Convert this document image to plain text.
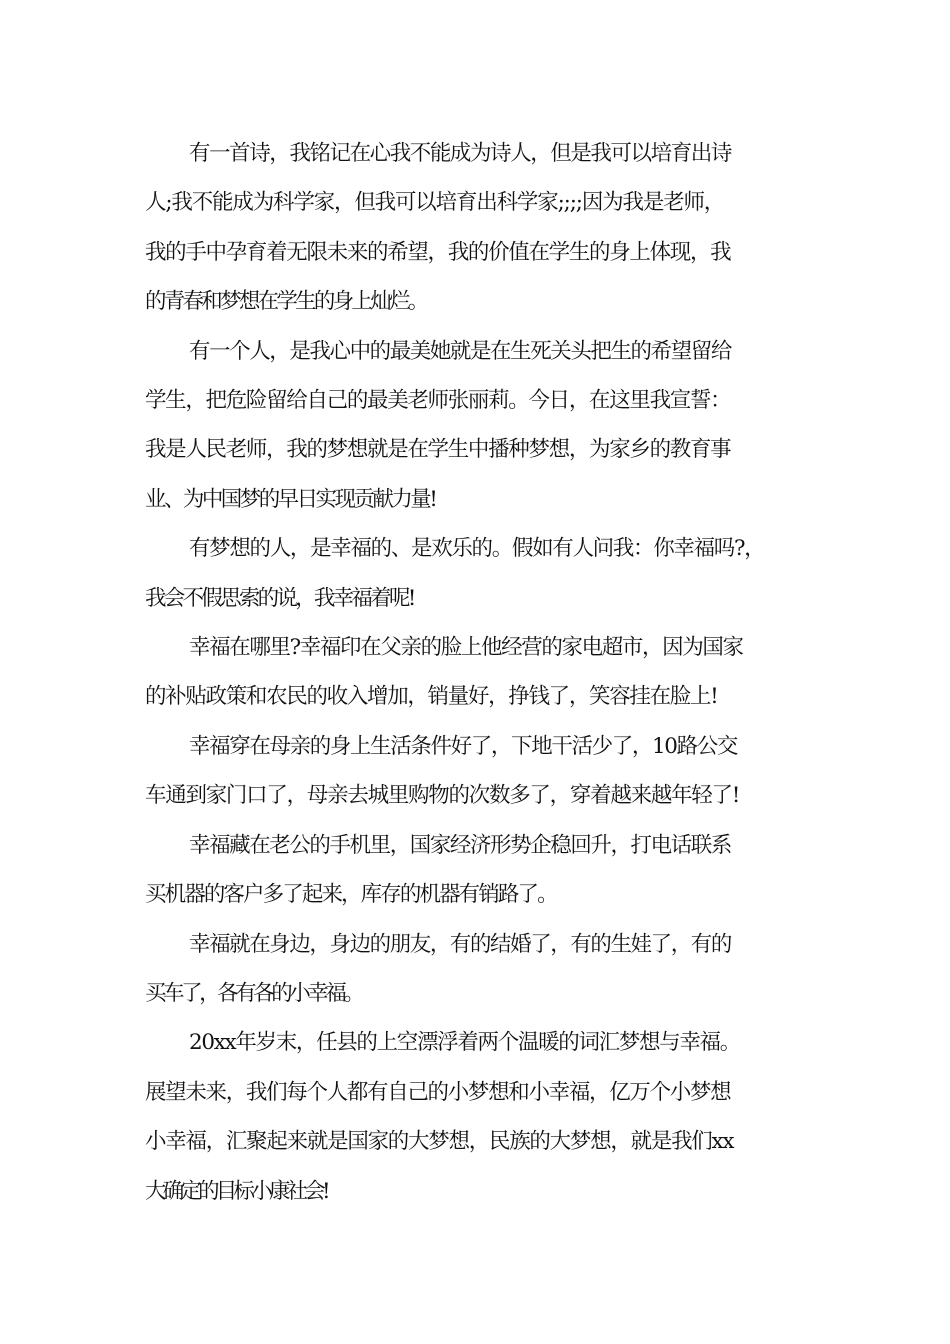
有一首诗，我铭记在心我不能成为诗人，但是我可以培育出诗
人;我不能成为科学家，但我可以培育出科学家;;;;因为我是老师，
我的手中孕育着无限未来的希望，我的价值在学生的身上体现，我
的青春和梦想在学生的身上灿烂。

有一个人，是我心中的最美她就是在生死关头把生的希望留给
学生，把危险留给自己的最美老师张丽莉。今日，在这里我宣誓：
我是人民老师，我的梦想就是在学生中播种梦想，为家乡的教育事
业、为中国梦的早日实现贡献力量!

有梦想的人，是幸福的、是欢乐的。假如有人问我：你幸福吗?，
我会不假思索的说，我幸福着呢!

幸福在哪里?幸福印在父亲的脸上他经营的家电超市，因为国家
的补贴政策和农民的收入增加，销量好，挣钱了，笑容挂在脸上!

幸福穿在母亲的身上生活条件好了，下地干活少了，10路公交
车通到家门口了，母亲去城里购物的次数多了，穿着越来越年轻了!

幸福藏在老公的手机里，国家经济形势企稳回升，打电话联系
买机器的客户多了起来，库存的机器有销路了。

幸福就在身边，身边的朋友，有的结婚了，有的生娃了，有的
买车了，各有各的小幸福。

20xx年岁末，任县的上空漂浮着两个温暖的词汇梦想与幸福。
展望未来，我们每个人都有自己的小梦想和小幸福，亿万个小梦想
小幸福，汇聚起来就是国家的大梦想，民族的大梦想，就是我们xx
大确定的目标小康社会!
